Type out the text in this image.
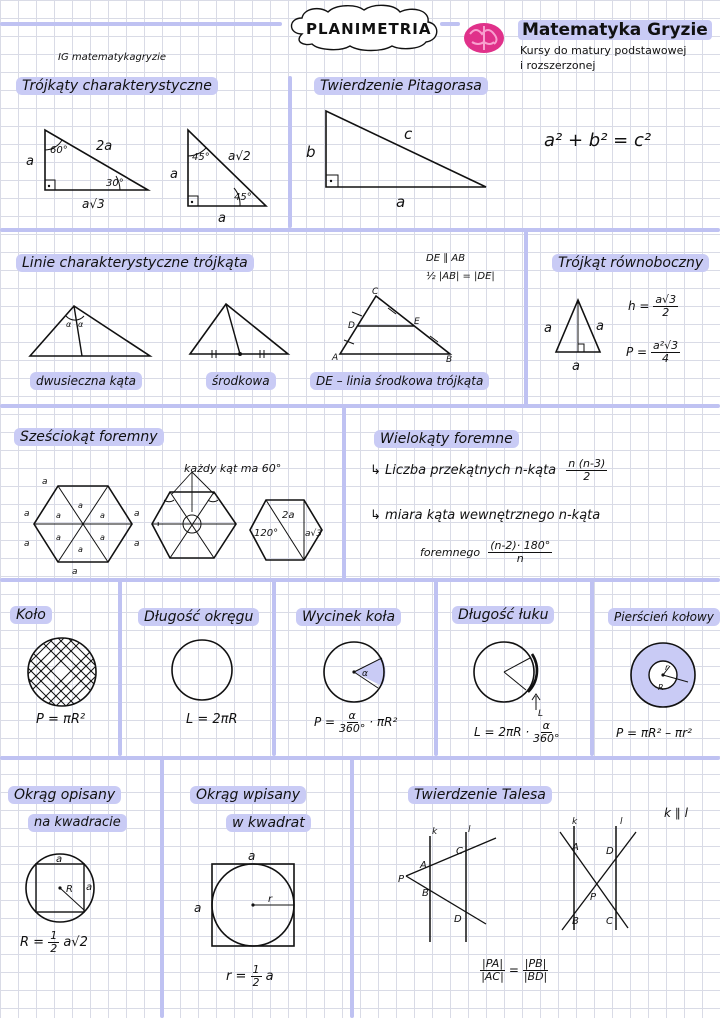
PLANIMETRIA	Matematyka Gryzie
Kursy do matury podstawowej
i rozszerzonej
IG matematykagryzie
Trójkąty charakterystyczne
a
2a
a√3
60°
30°
a
a√2
a
45°
45°
Twierdzenie Pitagorasa
b
c
a
a² + b² = c²
Linie charakterystyczne trójkąta	DE ∥ AB
½ |AB| = |DE|
α α
A	B
C
D	E
dwusieczna kąta	środkowa	DE – linia środkowa trójkąta
Trójkąt równoboczny
a	a
a
$h = \frac{a√3}{2}$
$P = \frac{\text{a²√3}}{4}$
Sześciokąt foremny
każdy kąt ma 60°
a
a	a
a	a
a
a	a
a	a
a
a
120°
2a
a√3
Wielokąty foremne
↳ Liczba przekątnych n-kąta $\frac{n (n-3)}{2}$
↳ miara kąta wewnętrznego n-kąta
foremnego $\frac{(n-2)\cdot 180^\circ}{n}$
Koło
P = πR²
Długość okręgu
L = 2πR
Wycinek koła
α
$P = \frac{\alpha}{360^\circ} \cdot \pi R^2$
Długość łuku
L
$L = 2\pi R \cdot \frac{\alpha}{360^\circ}$
Pierścień kołowy
r
R
P = πR² – πr²
Okrąg opisany
na kwadracie
a
a
R
$R = \frac{1}{2} a√2$
Okrąg wpisany
w kwadrat
a
a
r
$r = \frac{1}{2}$ a
Twierdzenie Talesa
k ∥ l
k	l
P
A
B
C
D
k	l
A	D
P
B	C
$\frac{|PA|}{|AC|} = \frac{|PB|}{|BD|}$
